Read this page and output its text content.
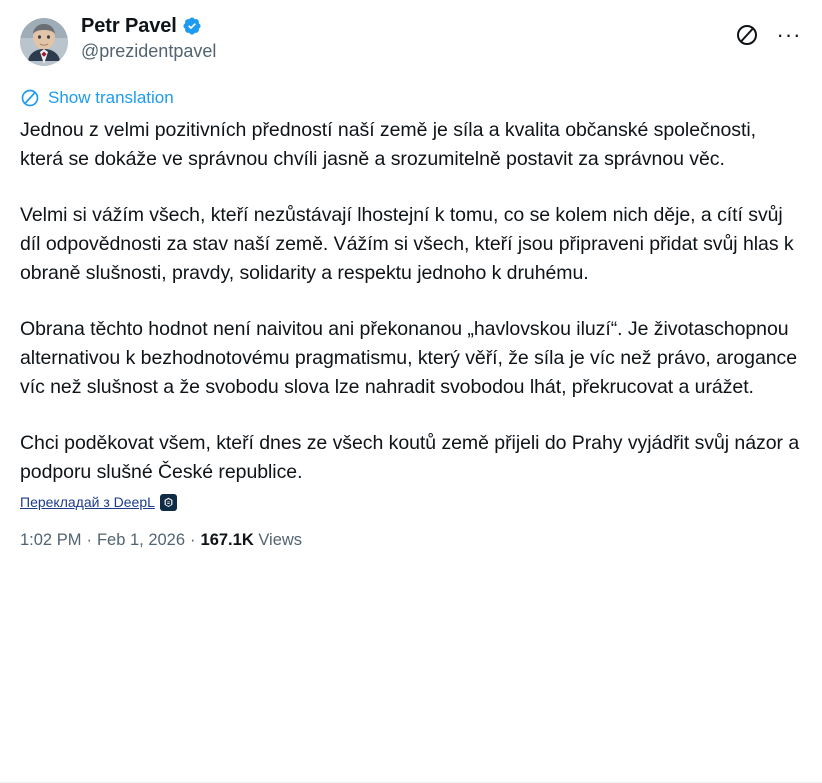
Petr Pavel
@prezidentpavel
···
Show translation

Jednou z velmi pozitivních předností naší země je síla a kvalita občanské společnosti, která se dokáže ve správnou chvíli jasně a srozumitelně postavit za správnou věc.

Velmi si vážím všech, kteří nezůstávají lhostejní k tomu, co se kolem nich děje, a cítí svůj díl odpovědnosti za stav naší země. Vážím si všech, kteří jsou připraveni přidat svůj hlas k obraně slušnosti, pravdy, solidarity a respektu jednoho k druhému.

Obrana těchto hodnot není naivitou ani překonanou „havlovskou iluzí“. Je životaschopnou alternativou k bezhodnotovému pragmatismu, který věří, že síla je víc než právo, arogance víc než slušnost a že svobodu slova lze nahradit svobodou lhát, překrucovat a urážet.

Chci poděkovat všem, kteří dnes ze všech koutů země přijeli do Prahy vyjádřit svůj názor a podporu slušné České republice.

Перекладай з DeepL
1:02 PM · Feb 1, 2026 · 167.1K
Views
